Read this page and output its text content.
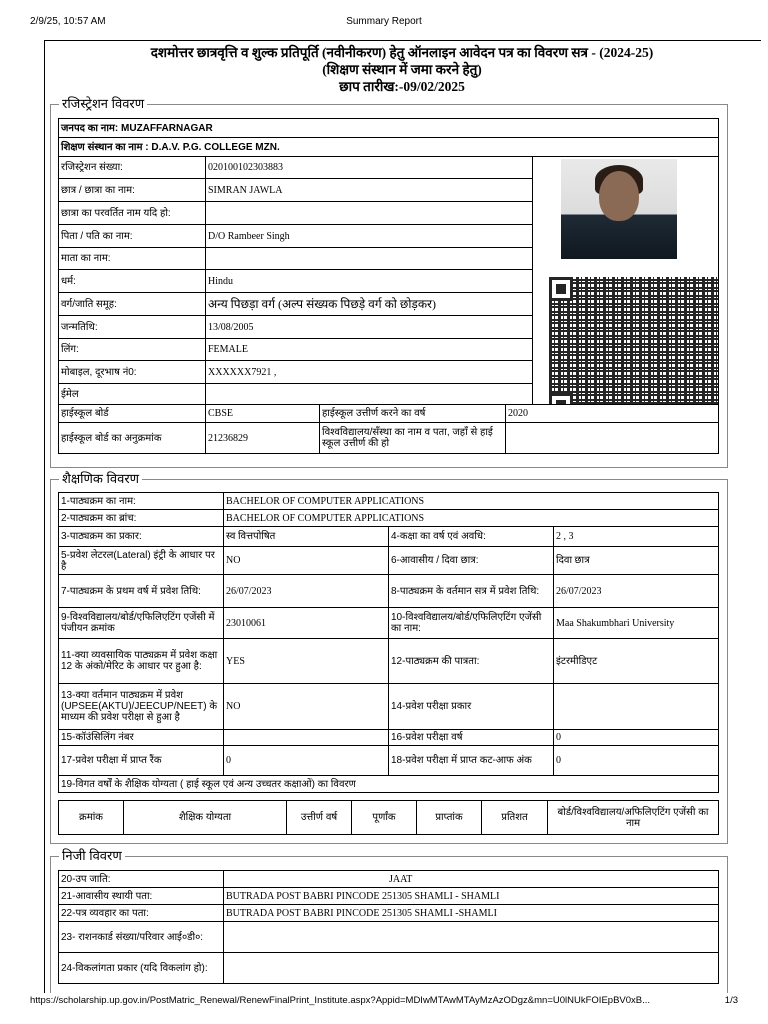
2/9/25, 10:57 AM	Summary Report
दशमोत्तर छात्रवृत्ति व शुल्क प्रतिपूर्ति (नवीनीकरण) हेतु ऑनलाइन आवेदन पत्र का विवरण सत्र - (2024-25)
(शिक्षण संस्थान में जमा करने हेतु)
छाप तारीख:-09/02/2025
रजिस्ट्रेशन विवरण
जनपद का नाम: MUZAFFARNAGAR				
शिक्षण संस्थान का नाम : D.A.V. P.G. COLLEGE MZN.				
रजिस्ट्रेशन संख्या:	020100102303883			

छात्र / छात्रा का नाम:	SIMRAN JAWLA			
छात्रा का परवर्तित नाम यदि हो:				
पिता / पति का नाम:	D/O Rambeer Singh			
माता का नाम:				
धर्म:	Hindu			
वर्ग/जाति समूह:	अन्य पिछड़ा वर्ग (अल्प संख्यक पिछड़े वर्ग को छोड़कर)			
जन्मतिथि:	13/08/2005			
लिंग:	FEMALE			
मोबाइल, दूरभाष नं0:	XXXXXX7921 ,			
ईमेल				
हाईस्कूल बोर्ड	CBSE	हाईस्कूल उत्तीर्ण करने का वर्ष	2020	
हाईस्कूल बोर्ड का अनुक्रमांक	21236829	विश्वविद्यालय/सँस्था का नाम व पता, जहाँ से हाई स्कूल उत्तीर्ण की हो		
शैक्षणिक विवरण
1-पाठ्यक्रम का नाम:	BACHELOR OF COMPUTER APPLICATIONS		
2-पाठ्यक्रम का ब्रांच:	BACHELOR OF COMPUTER APPLICATIONS		
3-पाठ्यक्रम का प्रकार:	स्व वित्तपोषित	4-कक्षा का वर्ष एवं अवधि:	2 , 3
5-प्रवेश लेटरल(Lateral) इंट्री के आधार पर है	NO	6-आवासीय / दिवा छात्र:	दिवा छात्र
7-पाठ्यक्रम के प्रथम वर्ष में प्रवेश तिथि:	26/07/2023	8-पाठ्यक्रम के वर्तमान सत्र में प्रवेश तिथि:	26/07/2023
9-विश्वविद्यालय/बोर्ड/एफिलिएटिंग एजेंसी में पंजीयन क्रमांक	23010061	10-विश्वविद्यालय/बोर्ड/एफिलिएटिंग एजेंसी का नाम:	Maa Shakumbhari University
11-क्या व्यवसायिक पाठ्यक्रम में प्रवेश कक्षा 12 के अंको/मेरिट के आधार पर हुआ है:	YES	12-पाठ्यक्रम की पात्रता:	इंटरमीडिएट
13-क्या वर्तमान पाठ्यक्रम में प्रवेश (UPSEE(AKTU)/JEECUP/NEET) के माध्यम की प्रवेश परीक्षा से हुआ है	NO	14-प्रवेश परीक्षा प्रकार	
15-कॉउंसिलिंग नंबर		16-प्रवेश परीक्षा वर्ष	0
17-प्रवेश परीक्षा में प्राप्त रैंक	0	18-प्रवेश परीक्षा में प्राप्त कट-आफ अंक	0
19-विगत वर्षों के शैक्षिक योग्यता ( हाई स्कूल एवं अन्य उच्चतर कक्षाओं) का विवरण			
क्रमांक	शैक्षिक योग्यता	उत्तीर्ण वर्ष	पूर्णांक	प्राप्तांक	प्रतिशत	बोर्ड/विश्वविद्यालय/अफिलिएटिंग एजेंसी का नाम
निजी विवरण
20-उप जाति:	JAAT
21-आवासीय स्थायी पता:	BUTRADA POST BABRI PINCODE 251305 SHAMLI - SHAMLI
22-पत्र व्यवहार का पता:	BUTRADA POST BABRI PINCODE 251305 SHAMLI -SHAMLI
23- राशनकार्ड संख्या/परिवार आई०डी०:	
24-विकलांगता प्रकार (यदि विकलांग हो):	
https://scholarship.up.gov.in/PostMatric_Renewal/RenewFinalPrint_Institute.aspx?Appid=MDIwMTAwMTAyMzAzODgz&mn=U0lNUkFOIEpBV0xB...	1/3
